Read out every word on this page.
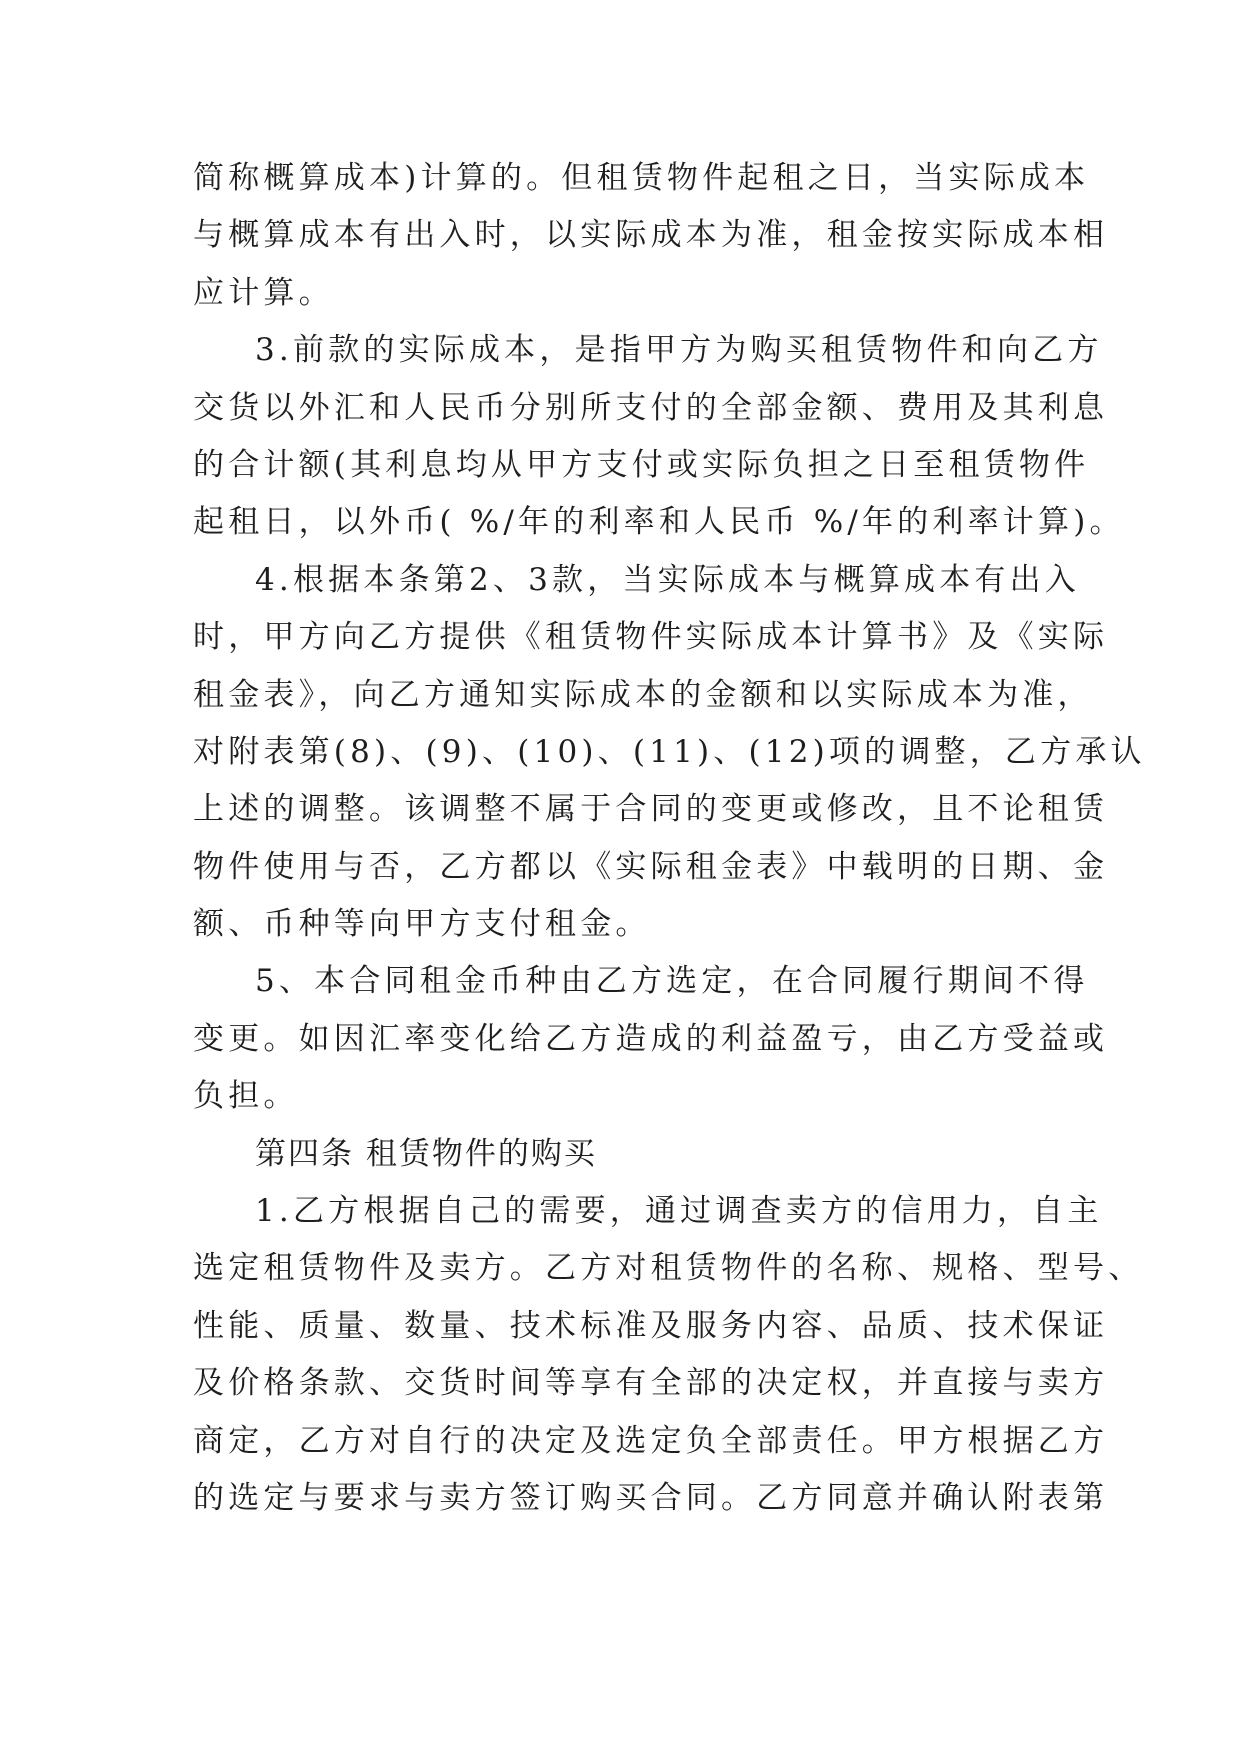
简称概算成本)计算的。但租赁物件起租之日，当实际成本
与概算成本有出入时，以实际成本为准，租金按实际成本相
应计算。
3.前款的实际成本，是指甲方为购买租赁物件和向乙方
交货以外汇和人民币分别所支付的全部金额、费用及其利息
的合计额(其利息均从甲方支付或实际负担之日至租赁物件
起租日，以外币( %/年的利率和人民币 %/年的利率计算)。
4.根据本条第2、3款，当实际成本与概算成本有出入
时，甲方向乙方提供《租赁物件实际成本计算书》及《实际
租金表》，向乙方通知实际成本的金额和以实际成本为准，
对附表第(8)、(9)、(10)、(11)、(12)项的调整，乙方承认
上述的调整。该调整不属于合同的变更或修改，且不论租赁
物件使用与否，乙方都以《实际租金表》中载明的日期、金
额、币种等向甲方支付租金。
5、本合同租金币种由乙方选定，在合同履行期间不得
变更。如因汇率变化给乙方造成的利益盈亏，由乙方受益或
负担。
第四条 租赁物件的购买
1.乙方根据自己的需要，通过调查卖方的信用力，自主
选定租赁物件及卖方。乙方对租赁物件的名称、规格、型号、
性能、质量、数量、技术标准及服务内容、品质、技术保证
及价格条款、交货时间等享有全部的决定权，并直接与卖方
商定，乙方对自行的决定及选定负全部责任。甲方根据乙方
的选定与要求与卖方签订购买合同。乙方同意并确认附表第
